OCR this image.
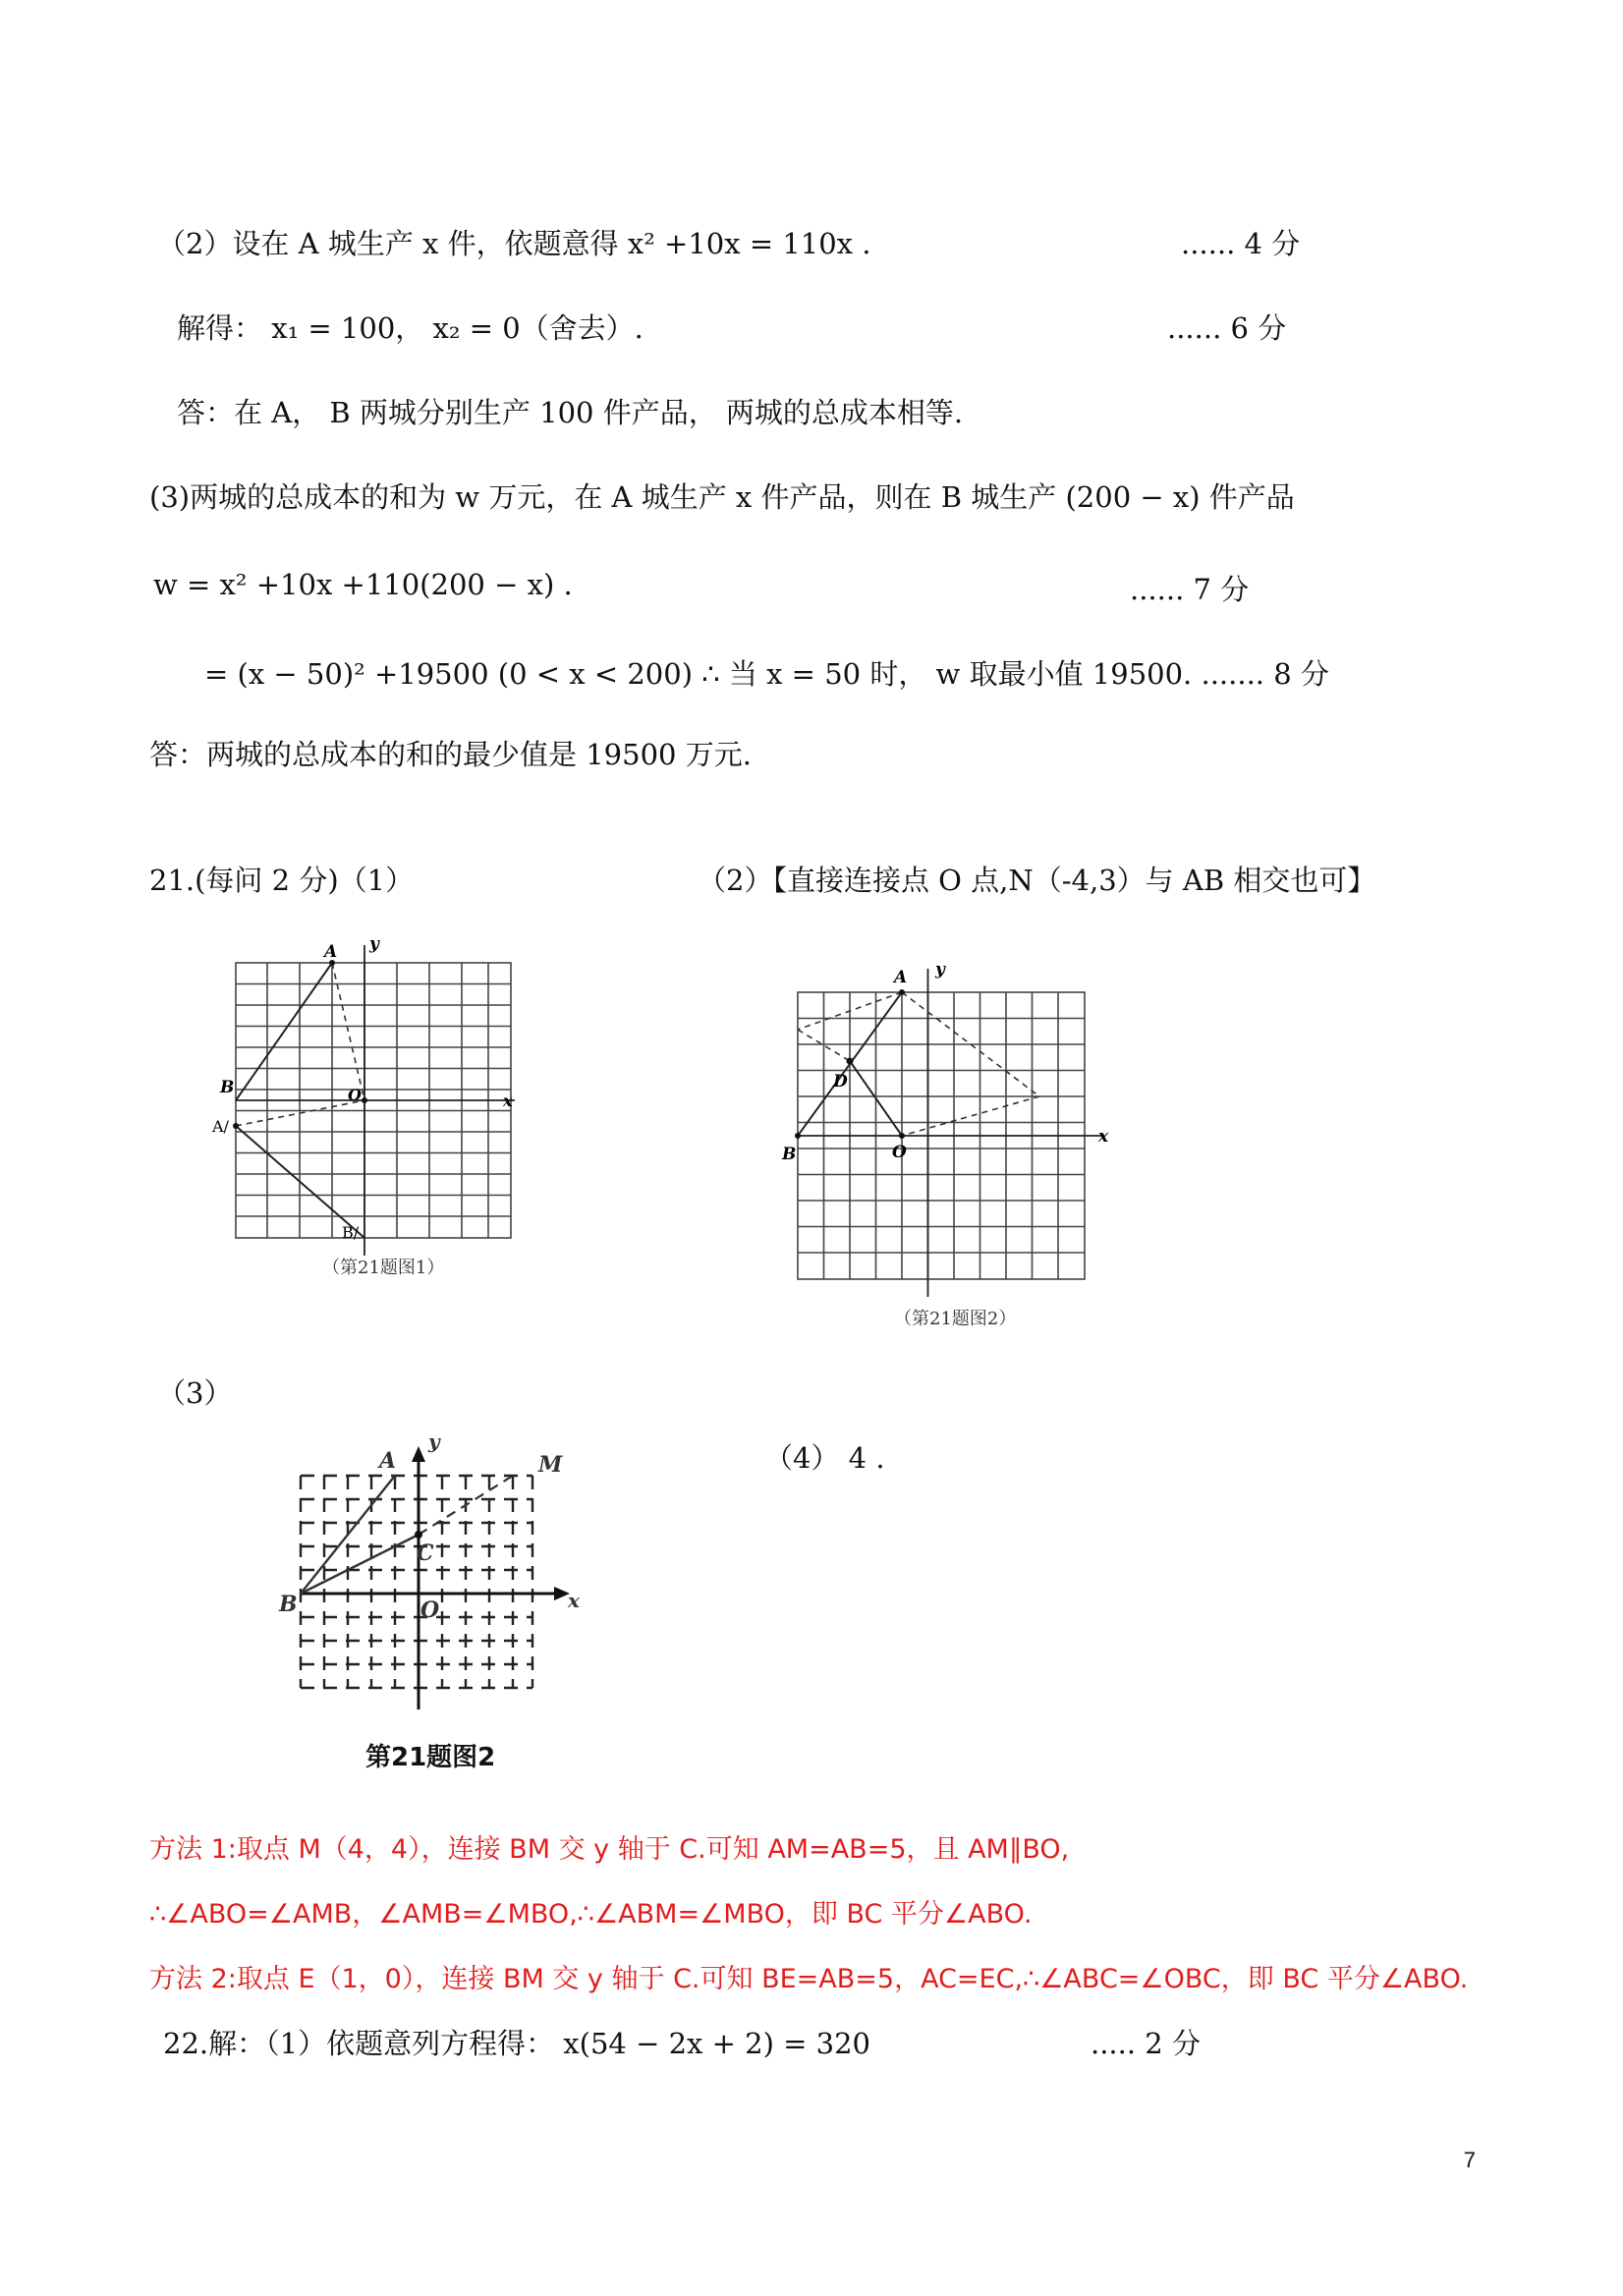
（2）设在 A 城生产 x 件，依题意得 x² +10x = 110x .	...... 4 分
解得： x₁ = 100， x₂ = 0（舍去）.	...... 6 分
答：在 A， B 两城分别生产 100 件产品， 两城的总成本相等.
(3)两城的总成本的和为 w 万元，在 A 城生产 x 件产品，则在 B 城生产 (200 − x) 件产品
w = x² +10x +110(200 − x) .	...... 7 分
= (x − 50)² +19500 (0 < x < 200) ∴ 当 x = 50 时， w 取最小值 19500. ....... 8 分
答：两城的总成本的和的最少值是 19500 万元.
21.(每问 2 分)（1）	（2）【直接连接点 O 点,N（-4,3）与 AB 相交也可】
A y
B	O	x
A/
B/
（第21题图1）
A y
D
B	O
x
（第21题图2）
（3）
A
y
M
C
B	O	x
第21题图2
（4） 4 .
方法 1:取点 M（4，4），连接 BM 交 y 轴于 C.可知 AM=AB=5，且 AM∥BO,
∴∠ABO=∠AMB，∠AMB=∠MBO,∴∠ABM=∠MBO，即 BC 平分∠ABO.
方法 2:取点 E（1，0），连接 BM 交 y 轴于 C.可知 BE=AB=5，AC=EC,∴∠ABC=∠OBC，即 BC 平分∠ABO.
22.解：（1）依题意列方程得： x(54 − 2x + 2) = 320	..... 2 分
7
